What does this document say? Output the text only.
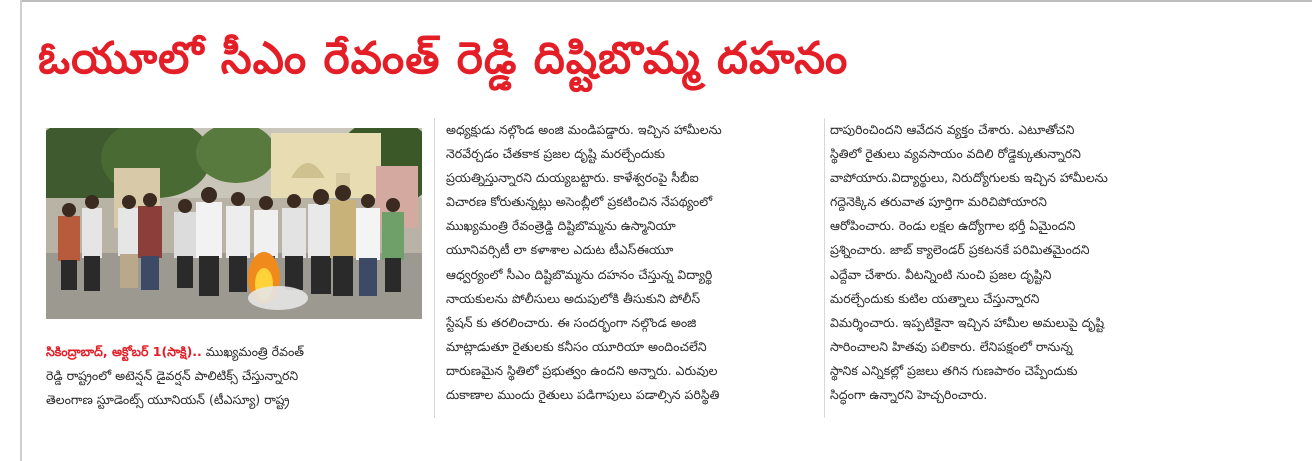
ఓయూలో సీఎం రేవంత్ రెడ్డి దిష్టిబొమ్మ దహనం
సికింద్రాబాద్, అక్టోబర్ 1(సాక్షి).. ముఖ్యమంత్రి రేవంత్
రెడ్డి రాష్ట్రంలో అటెన్షన్ డైవర్షన్ పాలిటిక్స్ చేస్తున్నారని
తెలంగాణ స్టూడెంట్స్ యూనియన్ (టీఎస్యూ) రాష్ట్ర
అధ్యక్షుడు నల్గొండ అంజి మండిపడ్డారు. ఇచ్చిన హామీలను
నెరవేర్చడం చేతకాక ప్రజల దృష్టి మరల్చేందుకు
ప్రయత్నిస్తున్నారని దుయ్యబట్టారు. కాళేశ్వరంపై సీబీఐ
విచారణ కోరుతున్నట్లు అసెంబ్లీలో ప్రకటించిన నేపథ్యంలో
ముఖ్యమంత్రి రేవంత్రెడ్డి దిష్టిబొమ్మను ఉస్మానియా
యూనివర్సిటీ లా కళాశాల ఎదుట టీఎస్ఈయూ
ఆధ్వర్యంలో సీఎం దిష్టిబొమ్మను దహనం చేస్తున్న విద్యార్థి
నాయకులను పోలీసులు అదుపులోకి తీసుకుని పోలీస్
స్టేషన్ కు తరలించారు. ఈ సందర్భంగా నల్గొండ అంజి
మాట్లాడుతూ రైతులకు కనీసం యూరియా అందించలేని
దారుణమైన స్థితిలో ప్రభుత్వం ఉందని అన్నారు. ఎరువుల
దుకాణాల ముందు రైతులు పడిగాపులు పడాల్సిన పరిస్థితి
దాపురించిందని ఆవేదన వ్యక్తం చేశారు. ఎటూతోచని
స్థితిలో రైతులు వ్యవసాయం వదిలి రోడ్డెక్కుతున్నారని
వాపోయారు.విద్యార్థులు, నిరుద్యోగులకు ఇచ్చిన హామీలను
గద్దెనెక్కిన తరువాత పూర్తిగా మరిచిపోయారని
ఆరోపించారు. రెండు లక్షల ఉద్యోగాల భర్తీ ఏమైందని
ప్రశ్నించారు. జాబ్ క్యాలెండర్ ప్రకటనకే పరిమితమైందని
ఎద్దేవా చేశారు. వీటన్నింటి నుంచి ప్రజల దృష్టిని
మరల్చేందుకు కుటిల యత్నాలు చేస్తున్నారని
విమర్శించారు. ఇప్పటికైనా ఇచ్చిన హామీల అమలుపై దృష్టి
సారించాలని హితవు పలికారు. లేనిపక్షంలో రానున్న
స్థానిక ఎన్నికల్లో ప్రజలు తగిన గుణపాఠం చెప్పేందుకు
సిద్ధంగా ఉన్నారని హెచ్చరించారు.
